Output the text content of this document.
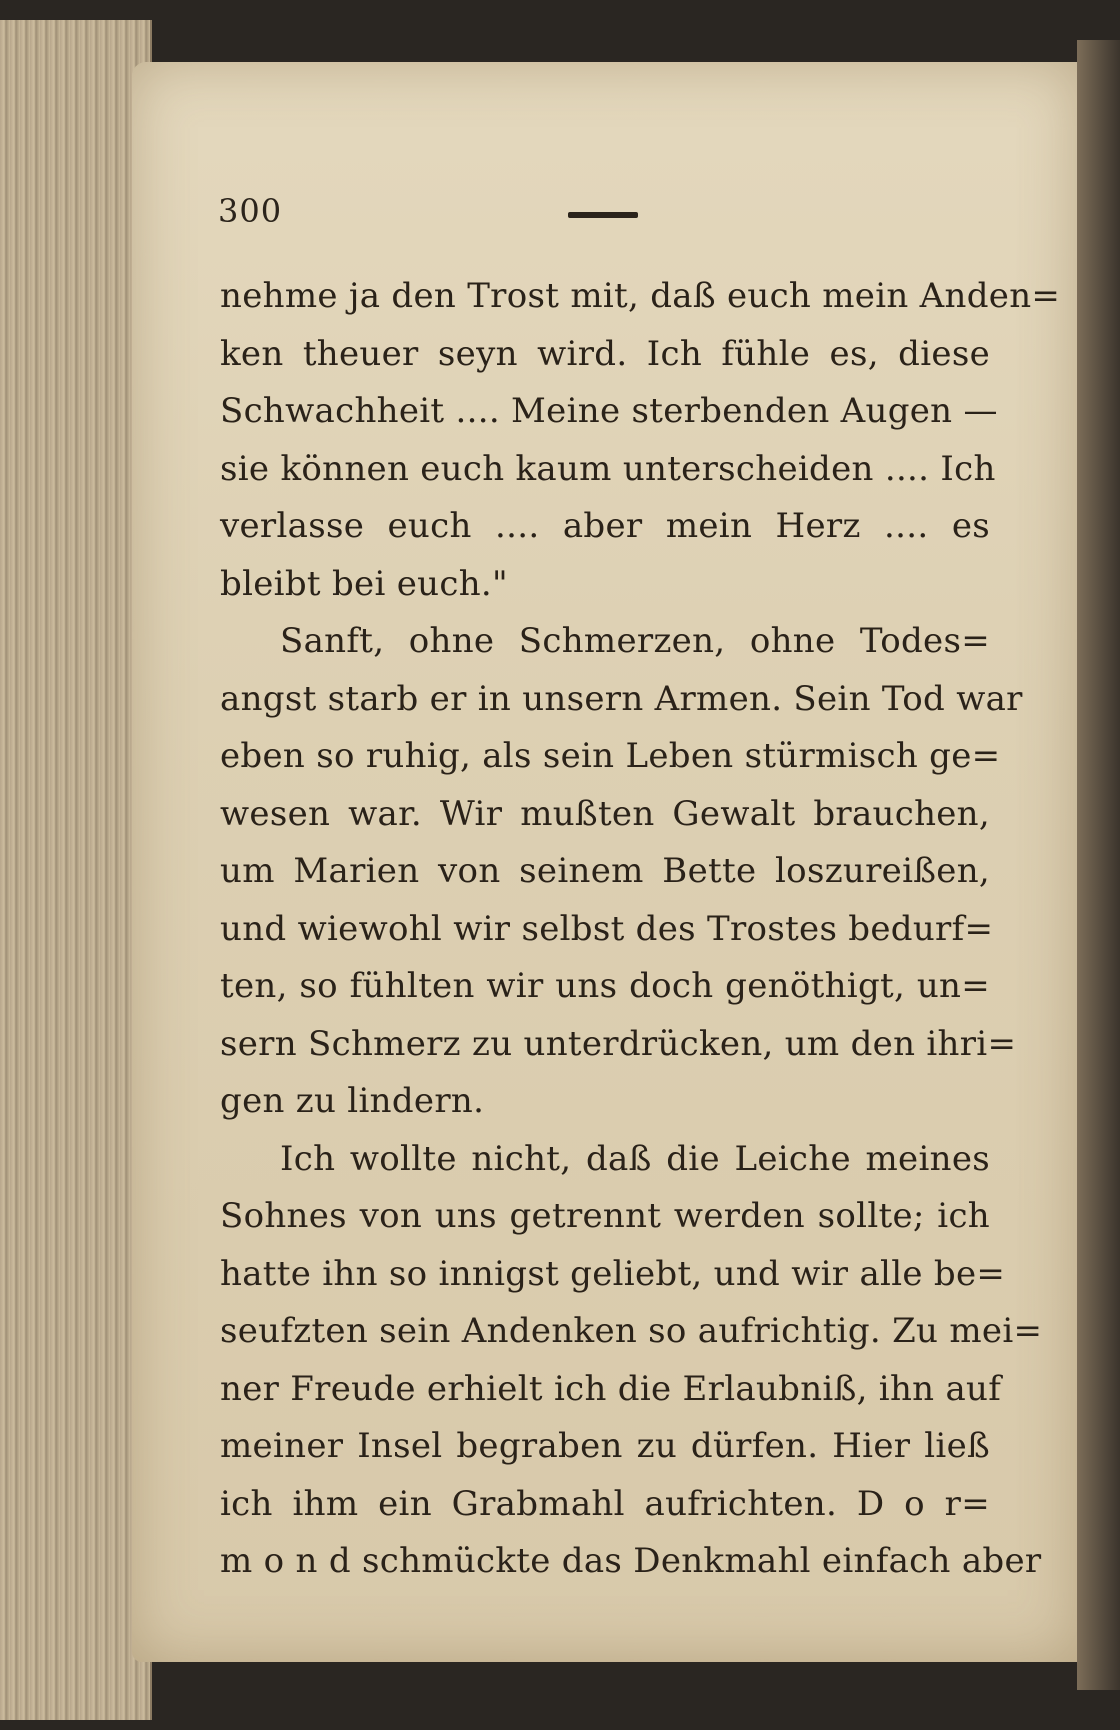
300
nehme ja den Trost mit, daß euch mein Anden=
ken theuer seyn wird. Ich fühle es, diese
Schwachheit .... Meine sterbenden Augen —
sie können euch kaum unterscheiden .... Ich
verlasse euch .... aber mein Herz .... es
bleibt bei euch."
Sanft, ohne Schmerzen, ohne Todes=
angst starb er in unsern Armen. Sein Tod war
eben so ruhig, als sein Leben stürmisch ge=
wesen war. Wir mußten Gewalt brauchen,
um Marien von seinem Bette loszureißen,
und wiewohl wir selbst des Trostes bedurf=
ten, so fühlten wir uns doch genöthigt, un=
sern Schmerz zu unterdrücken, um den ihri=
gen zu lindern.
Ich wollte nicht, daß die Leiche meines
Sohnes von uns getrennt werden sollte; ich
hatte ihn so innigst geliebt, und wir alle be=
seufzten sein Andenken so aufrichtig. Zu mei=
ner Freude erhielt ich die Erlaubniß, ihn auf
meiner Insel begraben zu dürfen. Hier ließ
ich ihm ein Grabmahl aufrichten. D o r=
m o n d schmückte das Denkmahl einfach aber
